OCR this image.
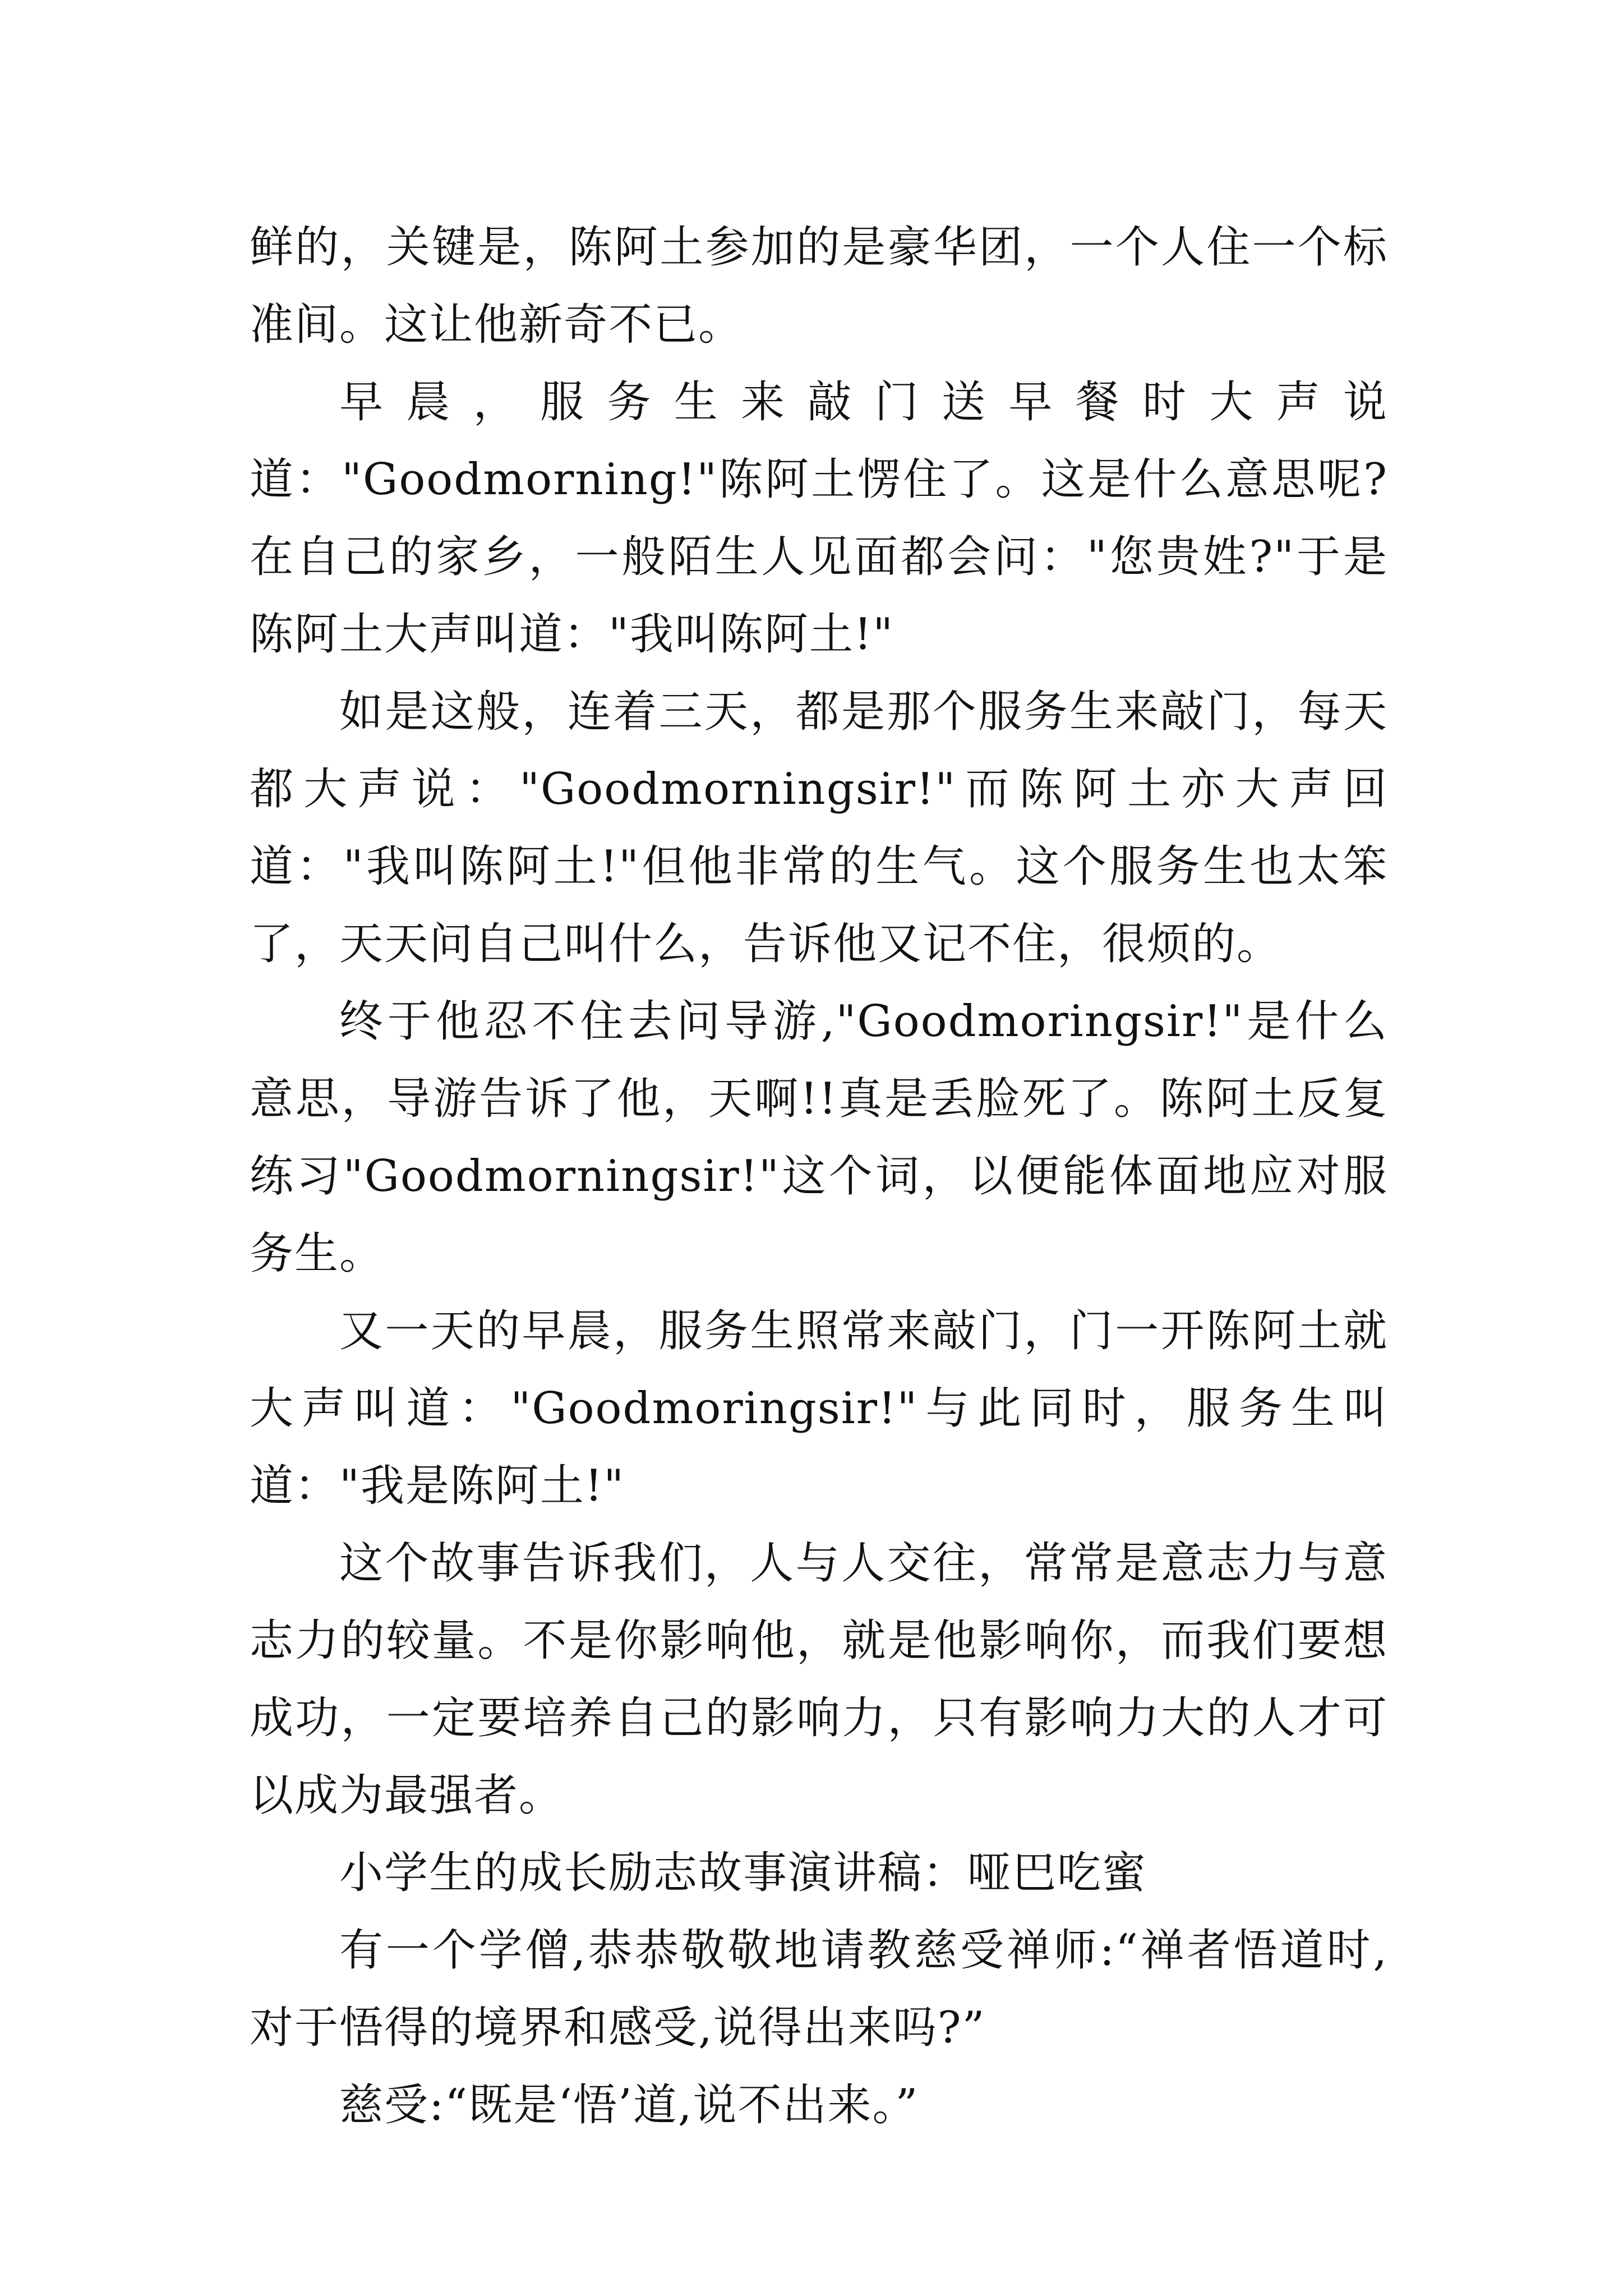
鲜的，关键是，陈阿土参加的是豪华团，一个人住一个标准间。这让他新奇不已。

早晨，服务生来敲门送早餐时大声说道："Goodmorning!"陈阿土愣住了。这是什么意思呢?在自己的家乡，一般陌生人见面都会问："您贵姓?"于是陈阿土大声叫道："我叫陈阿土!"

如是这般，连着三天，都是那个服务生来敲门，每天都大声说："Goodmorningsir!"而陈阿土亦大声回道："我叫陈阿土!"但他非常的生气。这个服务生也太笨了，天天问自己叫什么，告诉他又记不住，很烦的。

终于他忍不住去问导游,"Goodmoringsir!"是什么意思，导游告诉了他，天啊!!真是丢脸死了。陈阿土反复练习"Goodmorningsir!"这个词，以便能体面地应对服务生。

又一天的早晨，服务生照常来敲门，门一开陈阿土就大声叫道："Goodmoringsir!"与此同时，服务生叫道："我是陈阿土!"

这个故事告诉我们，人与人交往，常常是意志力与意志力的较量。不是你影响他，就是他影响你，而我们要想成功，一定要培养自己的影响力，只有影响力大的人才可以成为最强者。

小学生的成长励志故事演讲稿：哑巴吃蜜

有一个学僧,恭恭敬敬地请教慈受禅师:“禅者悟道时,对于悟得的境界和感受,说得出来吗?”

慈受:“既是‘悟’道,说不出来。”
